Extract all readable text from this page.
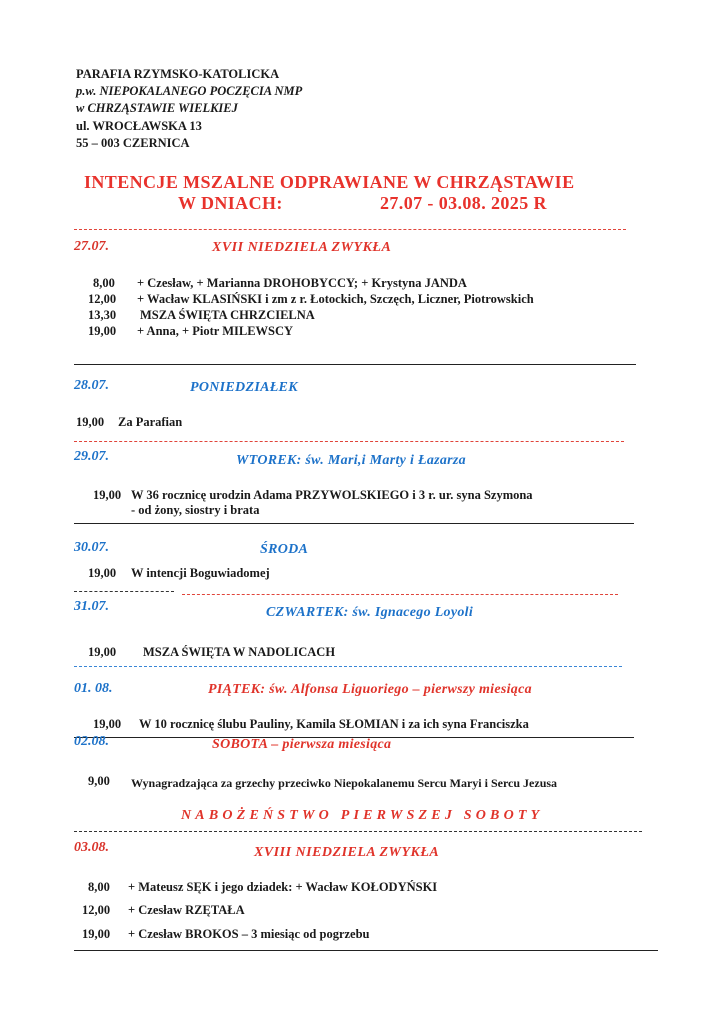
PARAFIA RZYMSKO-KATOLICKA
p.w. NIEPOKALANEGO POCZĘCIA NMP
w CHRZĄSTAWIE WIELKIEJ
ul. WROCŁAWSKA 13
55 – 003 CZERNICA
INTENCJE MSZALNE ODPRAWIANE W CHRZĄSTAWIE
W DNIACH:	27.07 - 03.08. 2025 R
27.07.	XVII NIEDZIELA ZWYKŁA
8,00 + Czesław, + Marianna DROHOBYCCY; + Krystyna JANDA
12,00 + Wacław KLASIŃSKI i zm z r. Łotockich, Szczęch, Liczner, Piotrowskich
13,30 MSZA ŚWIĘTA CHRZCIELNA
19,00 + Anna, + Piotr MILEWSCY
28.07.	PONIEDZIAŁEK
19,00 Za Parafian
29.07.	WTOREK: św. Mari,i Marty i Łazarza
19,00 W 36 rocznicę urodzin Adama PRZYWOLSKIEGO i 3 r. ur. syna Szymona
- od żony, siostry i brata
30.07.	ŚRODA
19,00 W intencji Boguwiadomej
31.07.	CZWARTEK: św. Ignacego Loyoli
19,00 MSZA ŚWIĘTA W NADOLICACH
01. 08.	PIĄTEK: św. Alfonsa Liguoriego – pierwszy miesiąca
19,00 W 10 rocznicę ślubu Pauliny, Kamila SŁOMIAN i za ich syna Franciszka
02.08.	SOBOTA – pierwsza miesiąca
9,00 Wynagradzająca za grzechy przeciwko Niepokalanemu Sercu Maryi i Sercu Jezusa
NABOŻEŃSTWO PIERWSZEJ SOBOTY
03.08.	XVIII NIEDZIELA ZWYKŁA
8,00 + Mateusz SĘK i jego dziadek: + Wacław KOŁODYŃSKI
12,00 + Czesław RZĘTAŁA
19,00 + Czesław BROKOS – 3 miesiąc od pogrzebu
